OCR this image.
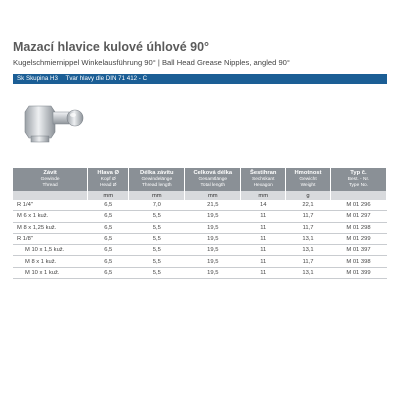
Mazací hlavice kulové úhlové 90°
Kugelschmiernippel Winkelausführung 90° | Ball Head Grease Nipples, angled 90°
Sk Skupina H3 Tvar hlavy dle DIN 71 412 - C
Závit
Gewinde
Thread	Hlava Ø
Kopf Ø
Head Ø	Délka závitu
Gewindelänge
Thread length	Celková délka
Gesamtlänge
Total length	Šestihran
Sechskant
Hexagon	Hmotnost
Gewicht
Weight	Typ č.
Best. - Nr.
Type No.

	mm	mm	mm	mm	g	
R 1/4"	6,5	7,0	21,5	14	22,1	M 01 296
M 6 x 1 kuž.	6,5	5,5	19,5	11	11,7	M 01 297
M 8 x 1,25 kuž.	6,5	5,5	19,5	11	11,7	M 01 298
R 1/8"	6,5	5,5	19,5	11	13,1	M 01 299
M 10 x 1,5 kuž.	6,5	5,5	19,5	11	13,1	M 01 397
M 8 x 1 kuž.	6,5	5,5	19,5	11	11,7	M 01 398
M 10 x 1 kuž.	6,5	5,5	19,5	11	13,1	M 01 399
